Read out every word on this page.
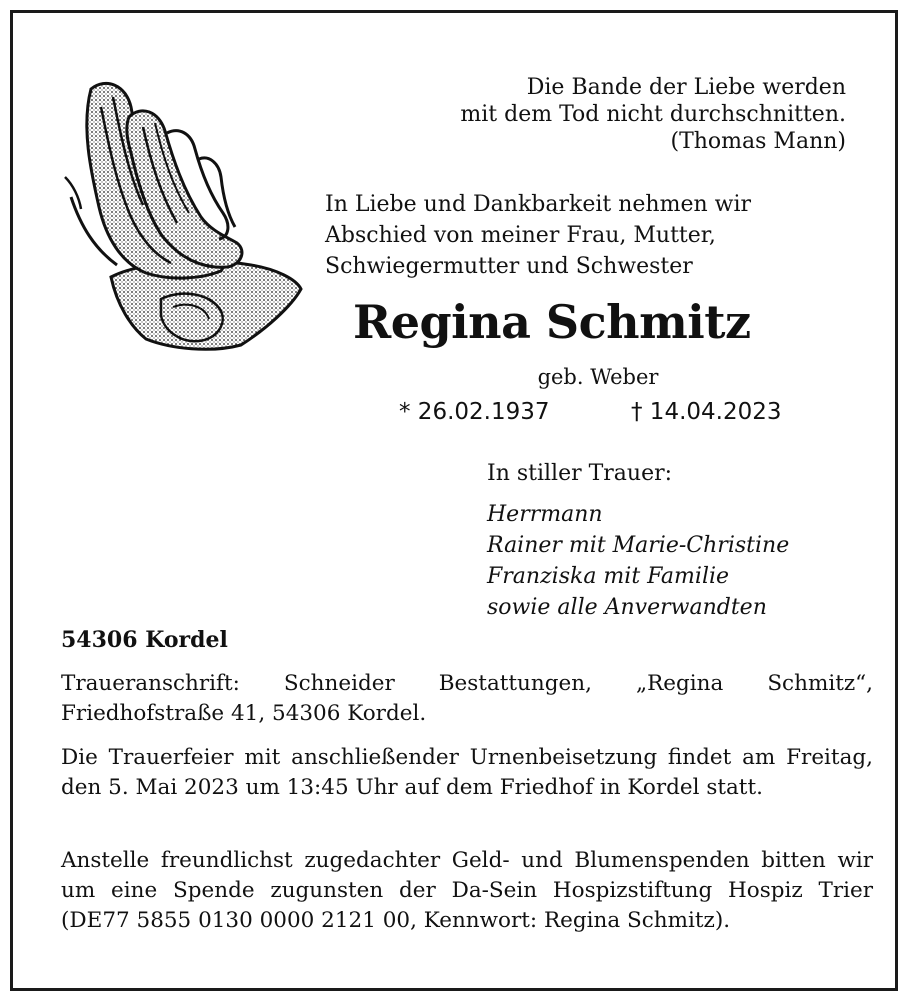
Die Bande der Liebe werden
mit dem Tod nicht durchschnitten.
(Thomas Mann)
In Liebe und Dankbarkeit nehmen wir
Abschied von meiner Frau, Mutter,
Schwiegermutter und Schwester
Regina Schmitz
geb. Weber
* 26.02.1937	† 14.04.2023
In stiller Trauer:
Herrmann
Rainer mit Marie-Christine
Franziska mit Familie
sowie alle Anverwandten
54306 Kordel
Traueranschrift: Schneider Bestattungen, „Regina Schmitz“, Friedhofstraße 41, 54306 Kordel.
Die Trauerfeier mit anschließender Urnenbeisetzung findet am Freitag, den 5. Mai 2023 um 13:45 Uhr auf dem Friedhof in Kordel statt.
Anstelle freundlichst zugedachter Geld- und Blumenspenden bitten wir um eine Spende zugunsten der Da-Sein Hospizstiftung Hospiz Trier (DE77 5855 0130 0000 2121 00, Kennwort: Regina Schmitz).
